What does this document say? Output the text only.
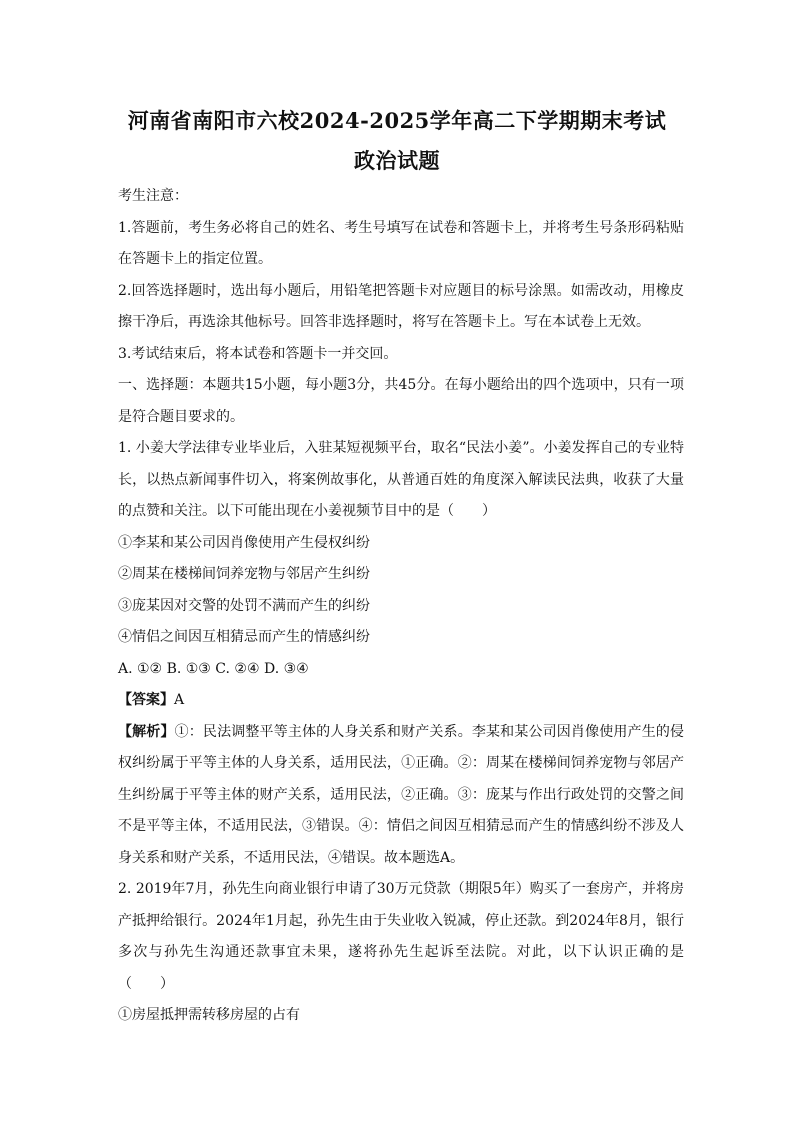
河南省南阳市六校2024-2025学年高二下学期期末考试
政治试题

考生注意：

1.答题前，考生务必将自己的姓名、考生号填写在试卷和答题卡上，并将考生号条形码粘贴在答题卡上的指定位置。

2.回答选择题时，选出每小题后，用铅笔把答题卡对应题目的标号涂黑。如需改动，用橡皮擦干净后，再选涂其他标号。回答非选择题时，将写在答题卡上。写在本试卷上无效。

3.考试结束后，将本试卷和答题卡一并交回。

一、选择题：本题共15小题，每小题3分，共45分。在每小题给出的四个选项中，只有一项是符合题目要求的。

1. 小姜大学法律专业毕业后，入驻某短视频平台，取名“民法小姜”。小姜发挥自己的专业特长，以热点新闻事件切入，将案例故事化，从普通百姓的角度深入解读民法典，收获了大量的点赞和关注。以下可能出现在小姜视频节目中的是（　　）

①李某和某公司因肖像使用产生侵权纠纷

②周某在楼梯间饲养宠物与邻居产生纠纷

③庞某因对交警的处罚不满而产生的纠纷

④情侣之间因互相猜忌而产生的情感纠纷

A. ①② B. ①③ C. ②④ D. ③④

【答案】A

【解析】①：民法调整平等主体的人身关系和财产关系。李某和某公司因肖像使用产生的侵权纠纷属于平等主体的人身关系，适用民法，①正确。②：周某在楼梯间饲养宠物与邻居产生纠纷属于平等主体的财产关系，适用民法，②正确。③：庞某与作出行政处罚的交警之间不是平等主体，不适用民法，③错误。④：情侣之间因互相猜忌而产生的情感纠纷不涉及人身关系和财产关系，不适用民法，④错误。故本题选A。

2. 2019年7月，孙先生向商业银行申请了30万元贷款（期限5年）购买了一套房产，并将房产抵押给银行。2024年1月起，孙先生由于失业收入锐减，停止还款。到2024年8月，银行多次与孙先生沟通还款事宜未果，遂将孙先生起诉至法院。对此，以下认识正确的是（　　）

①房屋抵押需转移房屋的占有
